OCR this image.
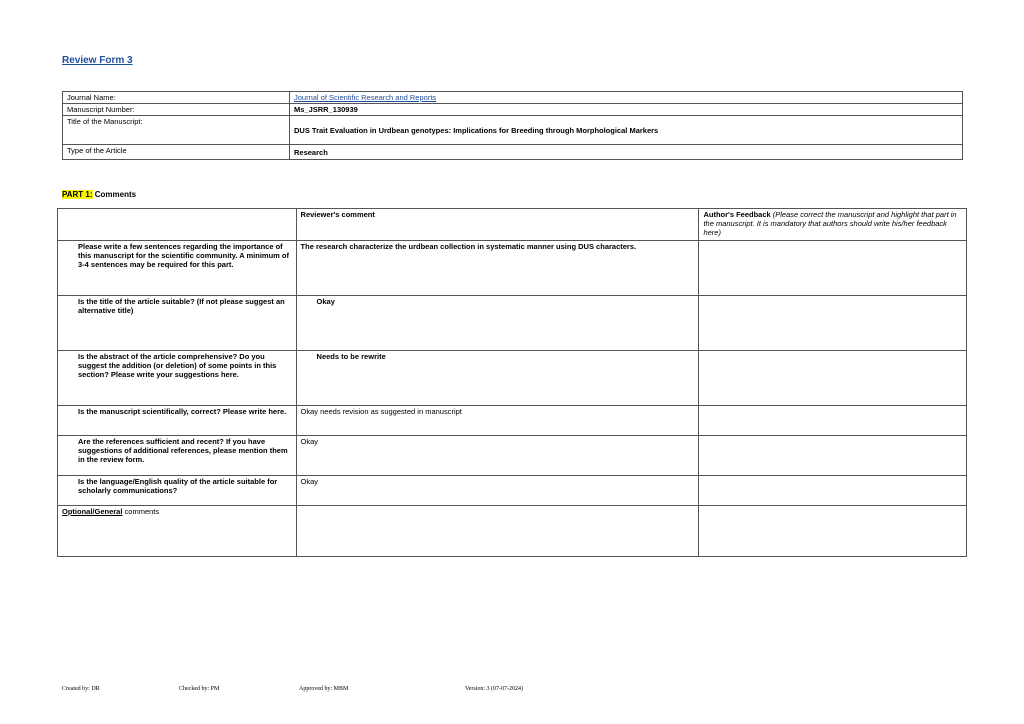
Review Form 3
Journal Name:	Journal of Scientific Research and Reports
Manuscript Number:	Ms_JSRR_130939
Title of the Manuscript:	DUS Trait Evaluation in Urdbean genotypes: Implications for Breeding through Morphological Markers
Type of the Article	Research
PART 1: Comments
	Reviewer's comment	Author's Feedback (Please correct the manuscript and highlight that part in the manuscript. It is mandatory that authors should write his/her feedback here)
Please write a few sentences regarding the importance of this manuscript for the scientific community. A minimum of 3-4 sentences may be required for this part.	The research characterize the urdbean collection in systematic manner using DUS characters.	
Is the title of the article suitable? (If not please suggest an alternative title)	Okay	
Is the abstract of the article comprehensive? Do you suggest the addition (or deletion) of some points in this section? Please write your suggestions here.	Needs to be rewrite	
Is the manuscript scientifically, correct? Please write here.	Okay needs revision as suggested in manuscript	
Are the references sufficient and recent? If you have suggestions of additional references, please mention them in the review form.	Okay	
Is the language/English quality of the article suitable for scholarly communications?	Okay	
Optional/General comments		
Created by: DR	Checked by: PM	Approved by: MBM	Version: 3 (07-07-2024)
